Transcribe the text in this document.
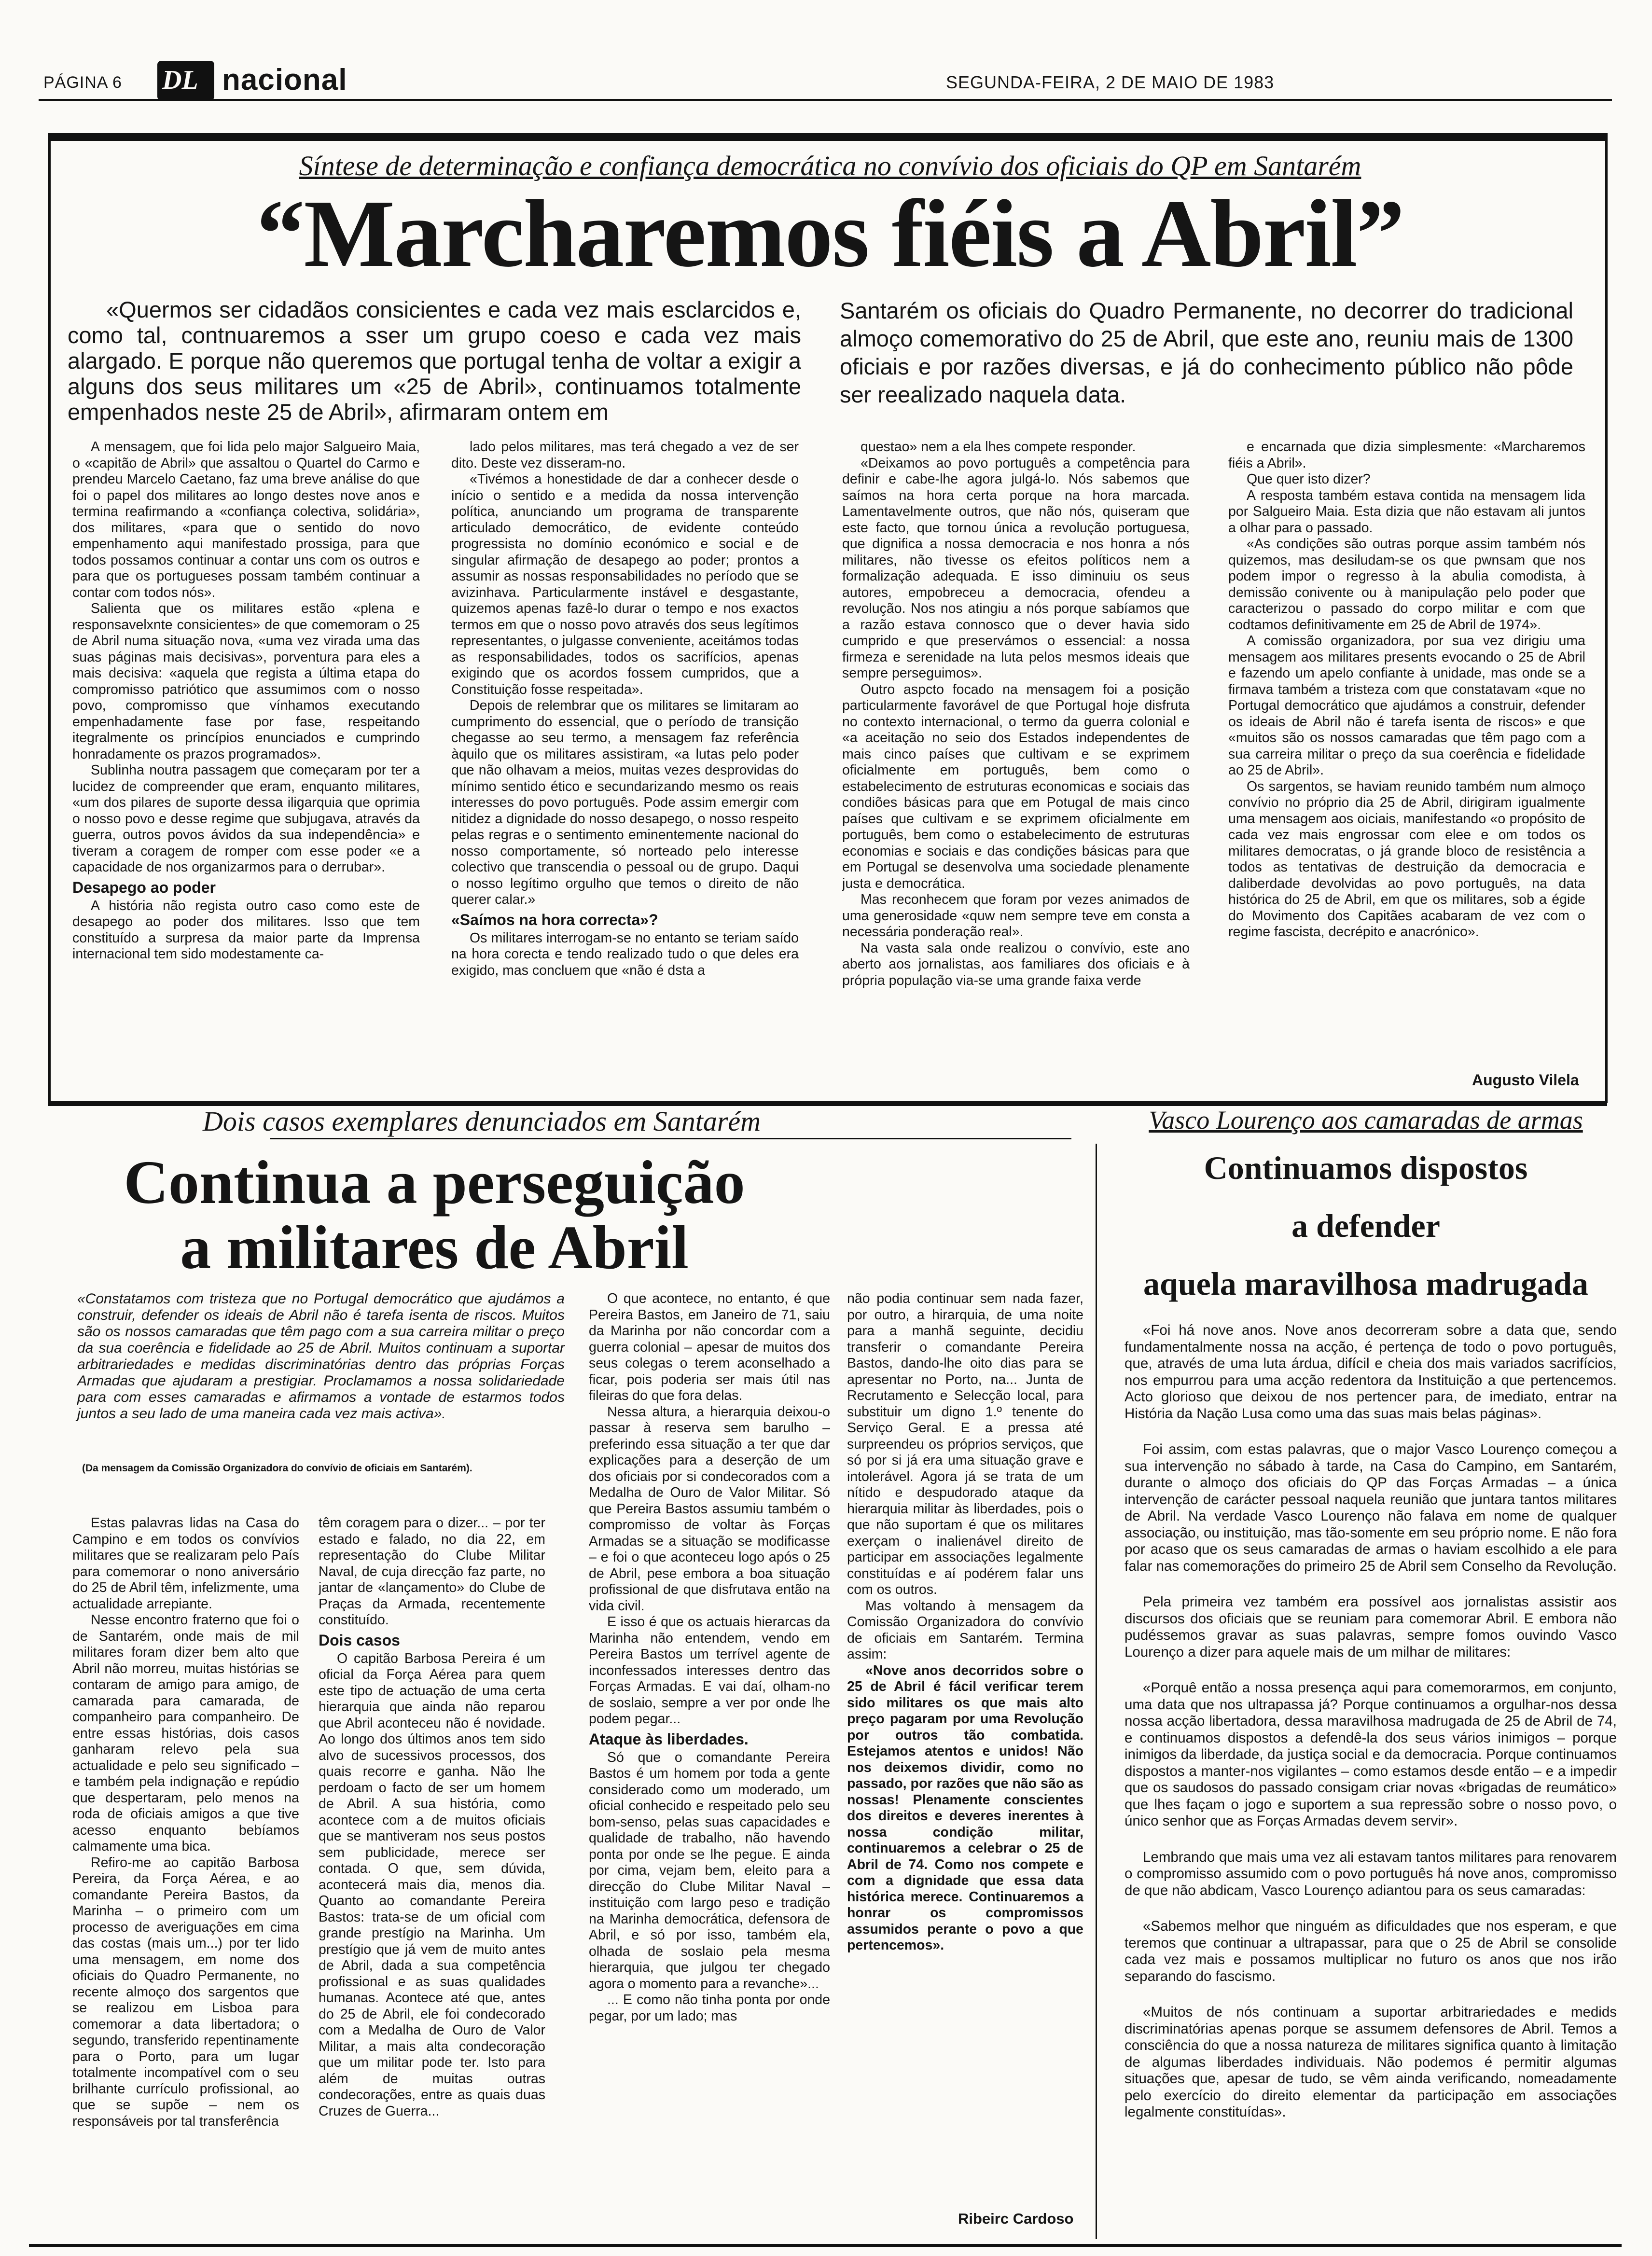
PÁGINA 6 DL nacional	SEGUNDA-FEIRA, 2 DE MAIO DE 1983
Síntese de determinação e confiança democrática no convívio dos oficiais do QP em Santarém
“Marcharemos fiéis a Abril”
«Quermos ser cidadãos consicientes e cada vez mais esclarcidos e, como tal, contnuaremos a sser um grupo coeso e cada vez mais alargado. E porque não queremos que portugal tenha de voltar a exigir a alguns dos seus militares um «25 de Abril», continuamos totalmente empenhados neste 25 de Abril», afirmaram ontem em
Santarém os oficiais do Quadro Permanente, no decorrer do tradicional almoço comemorativo do 25 de Abril, que este ano, reuniu mais de 1300 oficiais e por razões diversas, e já do conhecimento público não pôde ser reealizado naquela data.

A mensagem, que foi lida pelo major Salgueiro Maia, o «capitão de Abril» que assaltou o Quartel do Carmo e prendeu Marcelo Caetano, faz uma breve análise do que foi o papel dos militares ao longo destes nove anos e termina reafirmando a «confiança colectiva, solidária», dos militares, «para que o sentido do novo empenhamento aqui manifestado prossiga, para que todos possamos continuar a contar uns com os outros e para que os portugueses possam também continuar a contar com todos nós».

Salienta que os militares estão «plena e responsavelxnte consicientes» de que comemoram o 25 de Abril numa situação nova, «uma vez virada uma das suas páginas mais decisivas», porventura para eles a mais decisiva: «aquela que regista a última etapa do compromisso patriótico que assumimos com o nosso povo, compromisso que vínhamos executando empenhadamente fase por fase, respeitando itegralmente os princípios enunciados e cumprindo honradamente os prazos programados».

Sublinha noutra passagem que começaram por ter a lucidez de compreender que eram, enquanto militares, «um dos pilares de suporte dessa iligarquia que oprimia o nosso povo e desse regime que subjugava, através da guerra, outros povos ávidos da sua independência» e tiveram a coragem de romper com esse poder «e a capacidade de nos organizarmos para o derrubar».

Desapego ao poder

A história não regista outro caso como este de desapego ao poder dos militares. Isso que tem constituído a surpresa da maior parte da Imprensa internacional tem sido modestamente ca-

lado pelos militares, mas terá chegado a vez de ser dito. Deste vez disseram-no.

«Tivémos a honestidade de dar a conhecer desde o início o sentido e a medida da nossa intervenção política, anunciando um programa de transparente articulado democrático, de evidente conteúdo progressista no domínio económico e social e de singular afirmação de desapego ao poder; prontos a assumir as nossas responsabilidades no período que se avizinhava. Particularmente instável e desgastante, quizemos apenas fazê-lo durar o tempo e nos exactos termos em que o nosso povo através dos seus legítimos representantes, o julgasse conveniente, aceitámos todas as responsabilidades, todos os sacrifícios, apenas exigindo que os acordos fossem cumpridos, que a Constituição fosse respeitada».

Depois de relembrar que os militares se limitaram ao cumprimento do essencial, que o período de transição chegasse ao seu termo, a mensagem faz referência àquilo que os militares assistiram, «a lutas pelo poder que não olhavam a meios, muitas vezes desprovidas do mínimo sentido ético e secundarizando mesmo os reais interesses do povo português. Pode assim emergir com nitidez a dignidade do nosso desapego, o nosso respeito pelas regras e o sentimento eminentemente nacional do nosso comportamente, só norteado pelo interesse colectivo que transcendia o pessoal ou de grupo. Daqui o nosso legítimo orgulho que temos o direito de não querer calar.»

«Saímos na hora correcta»?

Os militares interrogam-se no entanto se teriam saído na hora corecta e tendo realizado tudo o que deles era exigido, mas concluem que «não é dsta a

questao» nem a ela lhes compete responder.

«Deixamos ao povo português a competência para definir e cabe-lhe agora julgá-lo. Nós sabemos que saímos na hora certa porque na hora marcada. Lamentavelmente outros, que não nós, quiseram que este facto, que tornou única a revolução portuguesa, que dignifica a nossa democracia e nos honra a nós militares, não tivesse os efeitos políticos nem a formalização adequada. E isso diminuiu os seus autores, empobreceu a democracia, ofendeu a revolução. Nos nos atingiu a nós porque sabíamos que a razão estava connosco que o dever havia sido cumprido e que preservámos o essencial: a nossa firmeza e serenidade na luta pelos mesmos ideais que sempre perseguimos».

Outro aspcto focado na mensagem foi a posição particularmente favorável de que Portugal hoje disfruta no contexto internacional, o termo da guerra colonial e «a aceitação no seio dos Estados independentes de mais cinco países que cultivam e se exprimem oficialmente em português, bem como o estabelecimento de estruturas economicas e sociais das condiões básicas para que em Potugal de mais cinco países que cultivam e se exprimem oficialmente em português, bem como o estabelecimento de estruturas economias e sociais e das condições básicas para que em Portugal se desenvolva uma sociedade plenamente justa e democrática.

Mas reconhecem que foram por vezes animados de uma generosidade «quw nem sempre teve em consta a necessária ponderação real».

Na vasta sala onde realizou o convívio, este ano aberto aos jornalistas, aos familiares dos oficiais e à própria população via-se uma grande faixa verde

e encarnada que dizia simplesmente: «Marcharemos fiéis a Abril».

Que quer isto dizer?

A resposta também estava contida na mensagem lida por Salgueiro Maia. Esta dizia que não estavam ali juntos a olhar para o passado.

«As condições são outras porque assim também nós quizemos, mas desiludam-se os que pwnsam que nos podem impor o regresso à la abulia comodista, à demissão conivente ou à manipulação pelo poder que caracterizou o passado do corpo militar e com que codtamos definitivamente em 25 de Abril de 1974».

A comissão organizadora, por sua vez dirigiu uma mensagem aos militares presents evocando o 25 de Abril e fazendo um apelo confiante à unidade, mas onde se a firmava também a tristeza com que constatavam «que no Portugal democrático que ajudámos a construir, defender os ideais de Abril não é tarefa isenta de riscos» e que «muitos são os nossos camaradas que têm pago com a sua carreira militar o preço da sua coerência e fidelidade ao 25 de Abril».

Os sargentos, se haviam reunido também num almoço convívio no próprio dia 25 de Abril, dirigiram igualmente uma mensagem aos oiciais, manifestando «o propósito de cada vez mais engrossar com elee e om todos os militares democratas, o já grande bloco de resistência a todos as tentativas de destruição da democracia e daliberdade devolvidas ao povo português, na data histórica do 25 de Abril, em que os militares, sob a égide do Movimento dos Capitães acabaram de vez com o regime fascista, decrépito e anacrónico».

Augusto Vilela
Dois casos exemplares denunciados em Santarém
Continua a perseguição
a militares de Abril
«Constatamos com tristeza que no Portugal democrático que ajudámos a construir, defender os ideais de Abril não é tarefa isenta de riscos. Muitos são os nossos camaradas que têm pago com a sua carreira militar o preço da sua coerência e fidelidade ao 25 de Abril. Muitos continuam a suportar arbitrariedades e medidas discriminatórias dentro das próprias Forças Armadas que ajudaram a prestigiar. Proclamamos a nossa solidariedade para com esses camaradas e afirmamos a vontade de estarmos todos juntos a seu lado de uma maneira cada vez mais activa».
(Da mensagem da Comissão Organizadora do convívio de oficiais em Santarém).

Estas palavras lidas na Casa do Campino e em todos os convívios militares que se realizaram pelo País para comemorar o nono aniversário do 25 de Abril têm, infelizmente, uma actualidade arrepiante.

Nesse encontro fraterno que foi o de Santarém, onde mais de mil militares foram dizer bem alto que Abril não morreu, muitas histórias se contaram de amigo para amigo, de camarada para camarada, de companheiro para companheiro. De entre essas histórias, dois casos ganharam relevo pela sua actualidade e pelo seu significado – e também pela indignação e repúdio que despertaram, pelo menos na roda de oficiais amigos a que tive acesso enquanto bebíamos calmamente uma bica.

Refiro-me ao capitão Barbosa Pereira, da Força Aérea, e ao comandante Pereira Bastos, da Marinha – o primeiro com um processo de averiguações em cima das costas (mais um...) por ter lido uma mensagem, em nome dos oficiais do Quadro Permanente, no recente almoço dos sargentos que se realizou em Lisboa para comemorar a data libertadora; o segundo, transferido repentinamente para o Porto, para um lugar totalmente incompatível com o seu brilhante currículo profissional, ao que se supõe – nem os responsáveis por tal transferência

têm coragem para o dizer... – por ter estado e falado, no dia 22, em representação do Clube Militar Naval, de cuja direcção faz parte, no jantar de «lançamento» do Clube de Praças da Armada, recentemente constituído.

Dois casos

O capitão Barbosa Pereira é um oficial da Força Aérea para quem este tipo de actuação de uma certa hierarquia que ainda não reparou que Abril aconteceu não é novidade. Ao longo dos últimos anos tem sido alvo de sucessivos processos, dos quais recorre e ganha. Não lhe perdoam o facto de ser um homem de Abril. A sua história, como acontece com a de muitos oficiais que se mantiveram nos seus postos sem publicidade, merece ser contada. O que, sem dúvida, acontecerá mais dia, menos dia. Quanto ao comandante Pereira Bastos: trata-se de um oficial com grande prestígio na Marinha. Um prestígio que já vem de muito antes de Abril, dada a sua competência profissional e as suas qualidades humanas. Acontece até que, antes do 25 de Abril, ele foi condecorado com a Medalha de Ouro de Valor Militar, a mais alta condecoração que um militar pode ter. Isto para além de muitas outras condecorações, entre as quais duas Cruzes de Guerra...

O que acontece, no entanto, é que Pereira Bastos, em Janeiro de 71, saiu da Marinha por não concordar com a guerra colonial – apesar de muitos dos seus colegas o terem aconselhado a ficar, pois poderia ser mais útil nas fileiras do que fora delas.

Nessa altura, a hierarquia deixou-o passar à reserva sem barulho – preferindo essa situação a ter que dar explicações para a deserção de um dos oficiais por si condecorados com a Medalha de Ouro de Valor Militar. Só que Pereira Bastos assumiu também o compromisso de voltar às Forças Armadas se a situação se modificasse – e foi o que aconteceu logo após o 25 de Abril, pese embora a boa situação profissional de que disfrutava então na vida civil.

E isso é que os actuais hierarcas da Marinha não entendem, vendo em Pereira Bastos um terrível agente de inconfessados interesses dentro das Forças Armadas. E vai daí, olham-no de soslaio, sempre a ver por onde lhe podem pegar...

Ataque às liberdades.

Só que o comandante Pereira Bastos é um homem por toda a gente considerado como um moderado, um oficial conhecido e respeitado pelo seu bom-senso, pelas suas capacidades e qualidade de trabalho, não havendo ponta por onde se lhe pegue. E ainda por cima, vejam bem, eleito para a direcção do Clube Militar Naval – instituição com largo peso e tradição na Marinha democrática, defensora de Abril, e só por isso, também ela, olhada de soslaio pela mesma hierarquia, que julgou ter chegado agora o momento para a revanche»...

... E como não tinha ponta por onde pegar, por um lado; mas

não podia continuar sem nada fazer, por outro, a hirarquia, de uma noite para a manhã seguinte, decidiu transferir o comandante Pereira Bastos, dando-lhe oito dias para se apresentar no Porto, na... Junta de Recrutamento e Selecção local, para substituir um digno 1.º tenente do Serviço Geral. E a pressa até surpreendeu os próprios serviços, que só por si já era uma situação grave e intolerável. Agora já se trata de um nítido e despudorado ataque da hierarquia militar às liberdades, pois o que não suportam é que os militares exerçam o inalienável direito de participar em associações legalmente constituídas e aí podérem falar uns com os outros.

Mas voltando à mensagem da Comissão Organizadora do convívio de oficiais em Santarém. Termina assim:

«Nove anos decorridos sobre o 25 de Abril é fácil verificar terem sido militares os que mais alto preço pagaram por uma Revolução por outros tão combatida. Estejamos atentos e unidos! Não nos deixemos dividir, como no passado, por razões que não são as nossas! Plenamente conscientes dos direitos e deveres inerentes à nossa condição militar, continuaremos a celebrar o 25 de Abril de 74. Como nos compete e com a dignidade que essa data histórica merece. Continuaremos a honrar os compromissos assumidos perante o povo a que pertencemos».

Ribeirc Cardoso
Vasco Lourenço aos camaradas de armas
Continuamos dispostos
a defender
aquela maravilhosa madrugada

«Foi há nove anos. Nove anos decorreram sobre a data que, sendo fundamentalmente nossa na acção, é pertença de todo o povo português, que, através de uma luta árdua, difícil e cheia dos mais variados sacrifícios, nos empurrou para uma acção redentora da Instituição a que pertencemos. Acto glorioso que deixou de nos pertencer para, de imediato, entrar na História da Nação Lusa como uma das suas mais belas páginas».

Foi assim, com estas palavras, que o major Vasco Lourenço começou a sua intervenção no sábado à tarde, na Casa do Campino, em Santarém, durante o almoço dos oficiais do QP das Forças Armadas – a única intervenção de carácter pessoal naquela reunião que juntara tantos militares de Abril. Na verdade Vasco Lourenço não falava em nome de qualquer associação, ou instituição, mas tão-somente em seu próprio nome. E não fora por acaso que os seus camaradas de armas o haviam escolhido a ele para falar nas comemorações do primeiro 25 de Abril sem Conselho da Revolução.

Pela primeira vez também era possível aos jornalistas assistir aos discursos dos oficiais que se reuniam para comemorar Abril. E embora não pudéssemos gravar as suas palavras, sempre fomos ouvindo Vasco Lourenço a dizer para aquele mais de um milhar de militares:

«Porquê então a nossa presença aqui para comemorarmos, em conjunto, uma data que nos ultrapassa já? Porque continuamos a orgulhar-nos dessa nossa acção libertadora, dessa maravilhosa madrugada de 25 de Abril de 74, e continuamos dispostos a defendê-la dos seus vários inimigos – porque inimigos da liberdade, da justiça social e da democracia. Porque continuamos dispostos a manter-nos vigilantes – como estamos desde então – e a impedir que os saudosos do passado consigam criar novas «brigadas de reumático» que lhes façam o jogo e suportem a sua repressão sobre o nosso povo, o único senhor que as Forças Armadas devem servir».

Lembrando que mais uma vez ali estavam tantos militares para renovarem o compromisso assumido com o povo português há nove anos, compromisso de que não abdicam, Vasco Lourenço adiantou para os seus camaradas:

«Sabemos melhor que ninguém as dificuldades que nos esperam, e que teremos que continuar a ultrapassar, para que o 25 de Abril se consolide cada vez mais e possamos multiplicar no futuro os anos que nos irão separando do fascismo.

«Muitos de nós continuam a suportar arbitrariedades e medids discriminatórias apenas porque se assumem defensores de Abril. Temos a consciência do que a nossa natureza de militares significa quanto à limitação de algumas liberdades individuais. Não podemos é permitir algumas situações que, apesar de tudo, se vêm ainda verificando, nomeadamente pelo exercício do direito elementar da participação em associações legalmente constituídas».
